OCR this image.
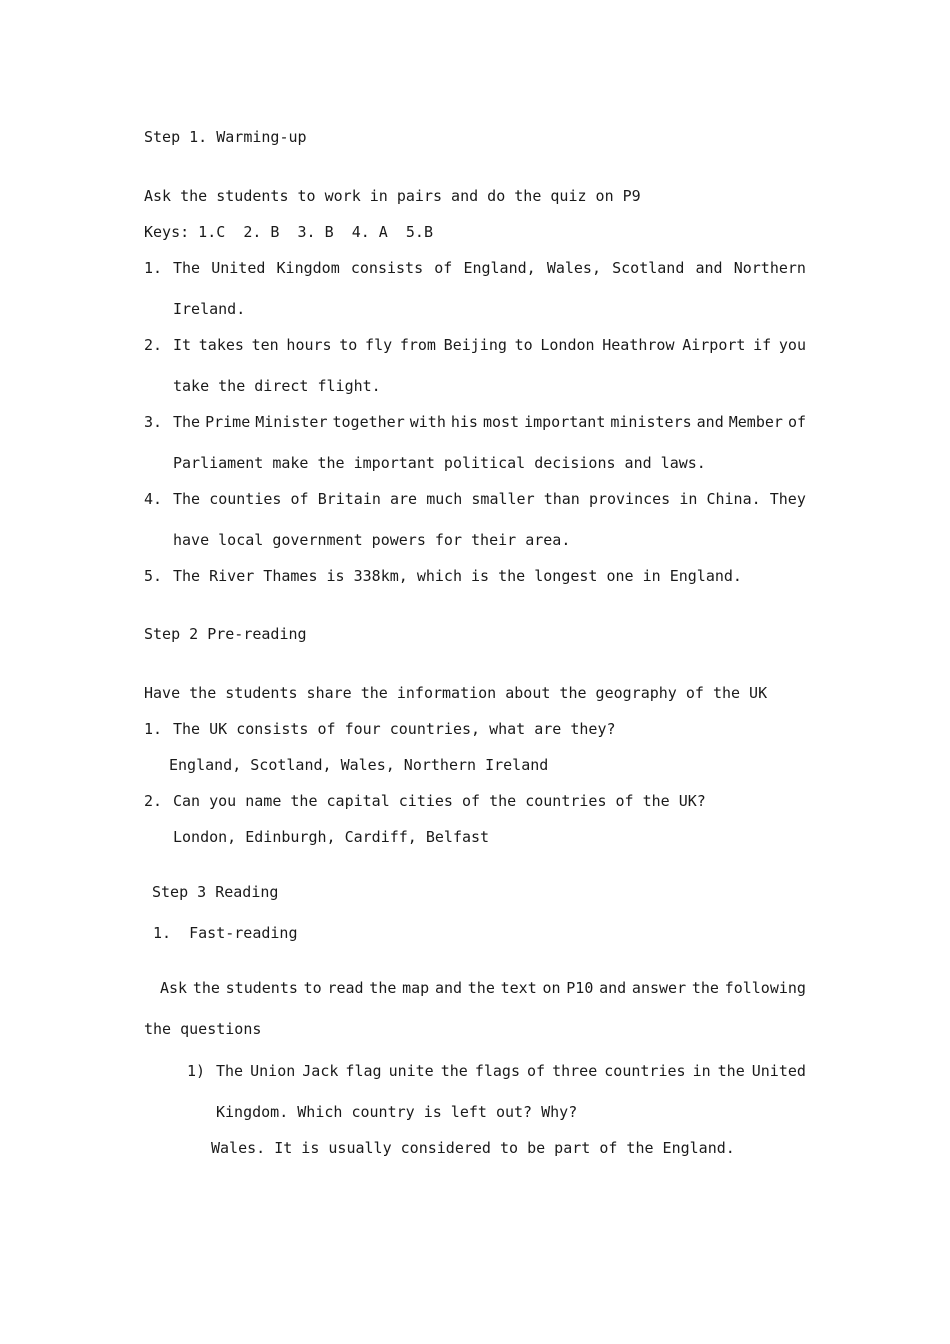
Step 1. Warming-up
Ask the students to work in pairs and do the quiz on P9
Keys: 1.C  2. B  3. B  4. A  5.B
1. The United Kingdom consists of England, Wales, Scotland and Northern
Ireland.
2. It takes ten hours to fly from Beijing to London Heathrow Airport if you
take the direct flight.
3. The Prime Minister together with his most important ministers and Member of
Parliament make the important political decisions and laws.
4. The counties of Britain are much smaller than provinces in China. They
have local government powers for their area.
5. The River Thames is 338km, which is the longest one in England.
Step 2 Pre-reading
Have the students share the information about the geography of the UK
1. The UK consists of four countries, what are they?
England, Scotland, Wales, Northern Ireland
2. Can you name the capital cities of the countries of the UK?
London, Edinburgh, Cardiff, Belfast
Step 3 Reading
1.  Fast-reading
Ask the students to read the map and the text on P10 and answer the following
the questions
1) The Union Jack flag unite the flags of three countries in the United
Kingdom. Which country is left out? Why?
Wales. It is usually considered to be part of the England.
